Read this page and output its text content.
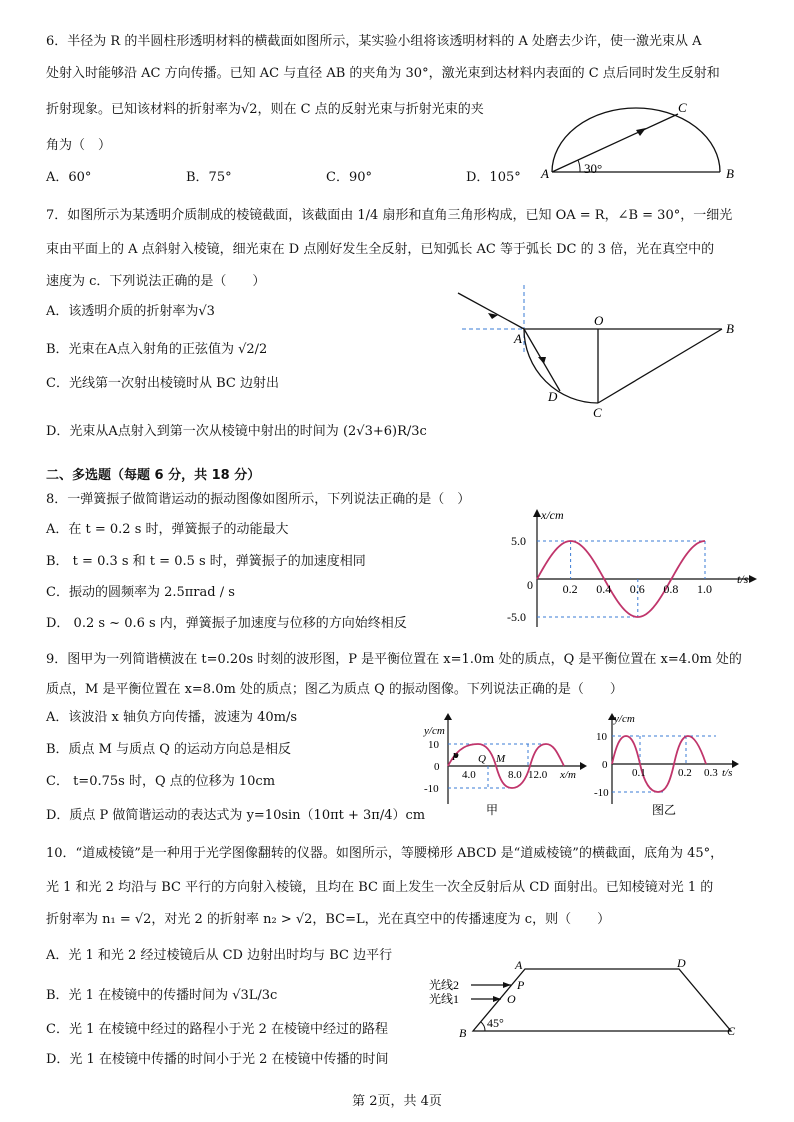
6．半径为 R 的半圆柱形透明材料的横截面如图所示，某实验小组将该透明材料的 A 处磨去少许，使一激光束从 A
处射入时能够沿 AC 方向传播。已知 AC 与直径 AB 的夹角为 30°，激光束到达材料内表面的 C 点后同时发生反射和
折射现象。已知该材料的折射率为√2，则在 C 点的反射光束与折射光束的夹
角为（　）
A．60°	B．75°	C．90°	D．105° A	B
C
30°
7．如图所示为某透明介质制成的棱镜截面，该截面由 1/4 扇形和直角三角形构成，已知 OA = R，∠B = 30°，一细光
束由平面上的 A 点斜射入棱镜，细光束在 D 点刚好发生全反射，已知弧长 AC 等于弧长 DC 的 3 倍，光在真空中的
速度为 c．下列说法正确的是（　　）
A．该透明介质的折射率为√3
B．光束在A点入射角的正弦值为 √2/2
C．光线第一次射出棱镜时从 BC 边射出
D．光束从A点射入到第一次从棱镜中射出的时间为 (2√3+6)R/3c
O
A
B
C
D
二、多选题（每题 6 分，共 18 分）
8．一弹簧振子做简谐运动的振动图像如图所示，下列说法正确的是（　）
A．在 t = 0.2 s 时，弹簧振子的动能最大
B． t = 0.3 s 和 t = 0.5 s 时，弹簧振子的加速度相同
C．振动的圆频率为 2.5πrad / s
D． 0.2 s ~ 0.6 s 内，弹簧振子加速度与位移的方向始终相反
0.2 0.4 0.6 0.8 1.0
5.0
-5.0
0
x/cm
t/s
9．图甲为一列简谐横波在 t=0.20s 时刻的波形图，P 是平衡位置在 x=1.0m 处的质点，Q 是平衡位置在 x=4.0m 处的
质点，M 是平衡位置在 x=8.0m 处的质点；图乙为质点 Q 的振动图像。下列说法正确的是（　　）
A．该波沿 x 轴负方向传播，波速为 40m/s
B．质点 M 与质点 Q 的运动方向总是相反
C． t=0.75s 时，Q 点的位移为 10cm
D．质点 P 做简谐运动的表达式为 y=10sin（10πt + 3π/4）cm
y/cm
10
0
-10
P Q M
4.0	8.0 12.0 x/m
甲
y/cm
10
0
-10
0.1	0.2 0.3 t/s
图乙
10．“道威棱镜”是一种用于光学图像翻转的仪器。如图所示，等腰梯形 ABCD 是“道威棱镜”的横截面，底角为 45°，
光 1 和光 2 均沿与 BC 平行的方向射入棱镜，且均在 BC 面上发生一次全反射后从 CD 面射出。已知棱镜对光 1 的
折射率为 n₁ = √2，对光 2 的折射率 n₂ > √2，BC=L，光在真空中的传播速度为 c，则（　　）
A．光 1 和光 2 经过棱镜后从 CD 边射出时均与 BC 边平行
B．光 1 在棱镜中的传播时间为 √3L/3c
C．光 1 在棱镜中经过的路程小于光 2 在棱镜中经过的路程
D．光 1 在棱镜中传播的时间小于光 2 在棱镜中传播的时间
光线2
光线1
A	D
B	C
P
O
45°
第 2页，共 4页
